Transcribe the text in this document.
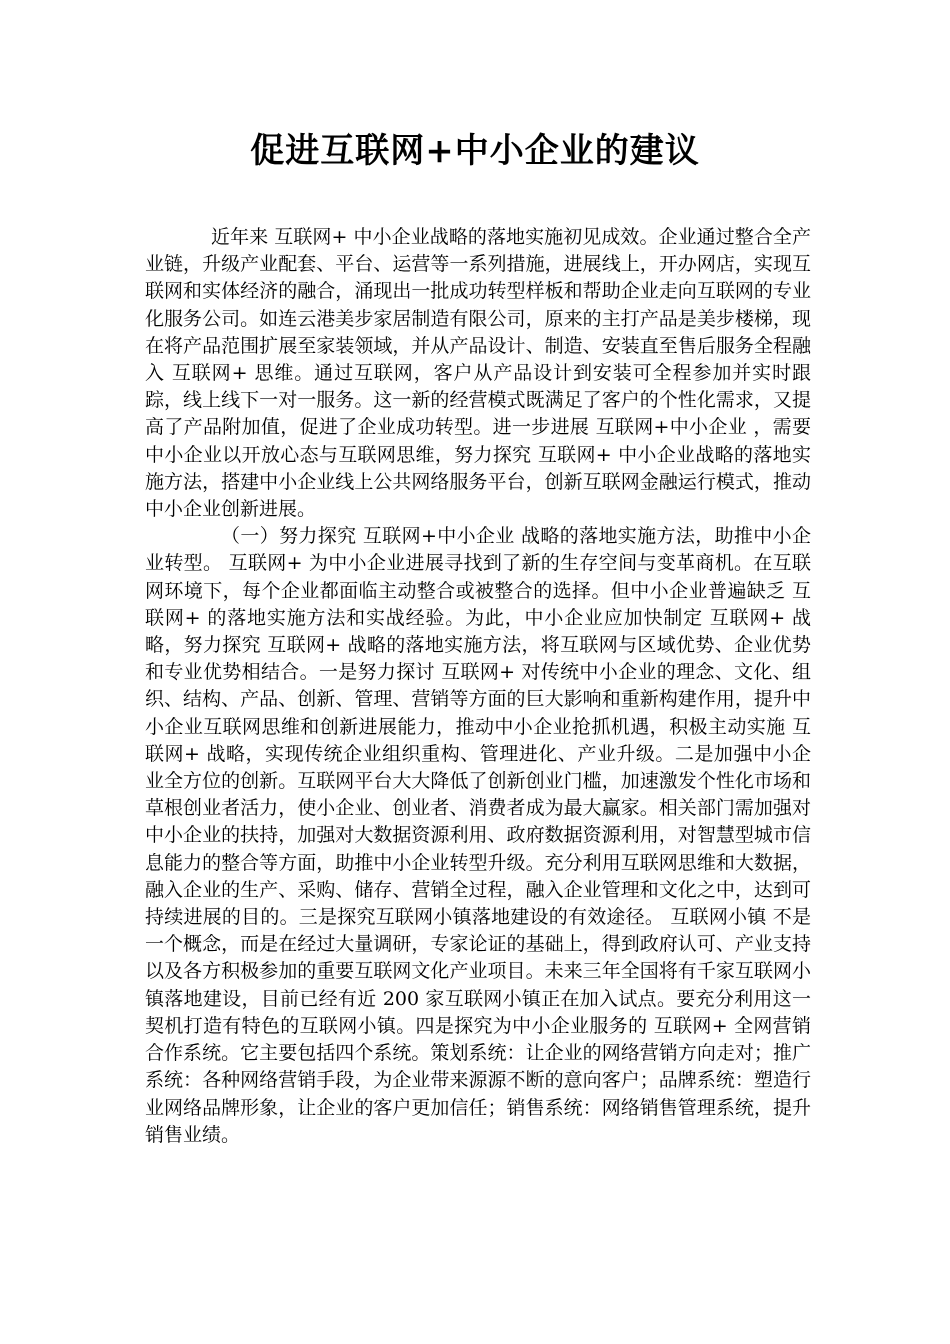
促进互联网+中小企业的建议

近年来 互联网+ 中小企业战略的落地实施初见成效。企业通过整合全产业链，升级产业配套、平台、运营等一系列措施，进展线上，开办网店，实现互联网和实体经济的融合，涌现出一批成功转型样板和帮助企业走向互联网的专业化服务公司。如连云港美步家居制造有限公司，原来的主打产品是美步楼梯，现在将产品范围扩展至家装领域，并从产品设计、制造、安装直至售后服务全程融入 互联网+ 思维。通过互联网，客户从产品设计到安装可全程参加并实时跟踪，线上线下一对一服务。这一新的经营模式既满足了客户的个性化需求，又提高了产品附加值，促进了企业成功转型。进一步进展 互联网+中小企业 ，需要中小企业以开放心态与互联网思维，努力探究 互联网+ 中小企业战略的落地实施方法，搭建中小企业线上公共网络服务平台，创新互联网金融运行模式，推动中小企业创新进展。

（一）努力探究 互联网+中小企业 战略的落地实施方法，助推中小企业转型。 互联网+ 为中小企业进展寻找到了新的生存空间与变革商机。在互联网环境下，每个企业都面临主动整合或被整合的选择。但中小企业普遍缺乏 互联网+ 的落地实施方法和实战经验。为此，中小企业应加快制定 互联网+ 战略，努力探究 互联网+ 战略的落地实施方法，将互联网与区域优势、企业优势和专业优势相结合。一是努力探讨 互联网+ 对传统中小企业的理念、文化、组织、结构、产品、创新、管理、营销等方面的巨大影响和重新构建作用，提升中小企业互联网思维和创新进展能力，推动中小企业抢抓机遇，积极主动实施 互联网+ 战略，实现传统企业组织重构、管理进化、产业升级。二是加强中小企业全方位的创新。互联网平台大大降低了创新创业门槛，加速激发个性化市场和草根创业者活力，使小企业、创业者、消费者成为最大赢家。相关部门需加强对中小企业的扶持，加强对大数据资源利用、政府数据资源利用，对智慧型城市信息能力的整合等方面，助推中小企业转型升级。充分利用互联网思维和大数据，融入企业的生产、采购、储存、营销全过程，融入企业管理和文化之中，达到可持续进展的目的。三是探究互联网小镇落地建设的有效途径。 互联网小镇 不是一个概念，而是在经过大量调研，专家论证的基础上，得到政府认可、产业支持以及各方积极参加的重要互联网文化产业项目。未来三年全国将有千家互联网小镇落地建设，目前已经有近 200 家互联网小镇正在加入试点。要充分利用这一契机打造有特色的互联网小镇。四是探究为中小企业服务的 互联网+ 全网营销合作系统。它主要包括四个系统。策划系统：让企业的网络营销方向走对；推广系统：各种网络营销手段，为企业带来源源不断的意向客户；品牌系统：塑造行业网络品牌形象，让企业的客户更加信任；销售系统：网络销售管理系统，提升销售业绩。
